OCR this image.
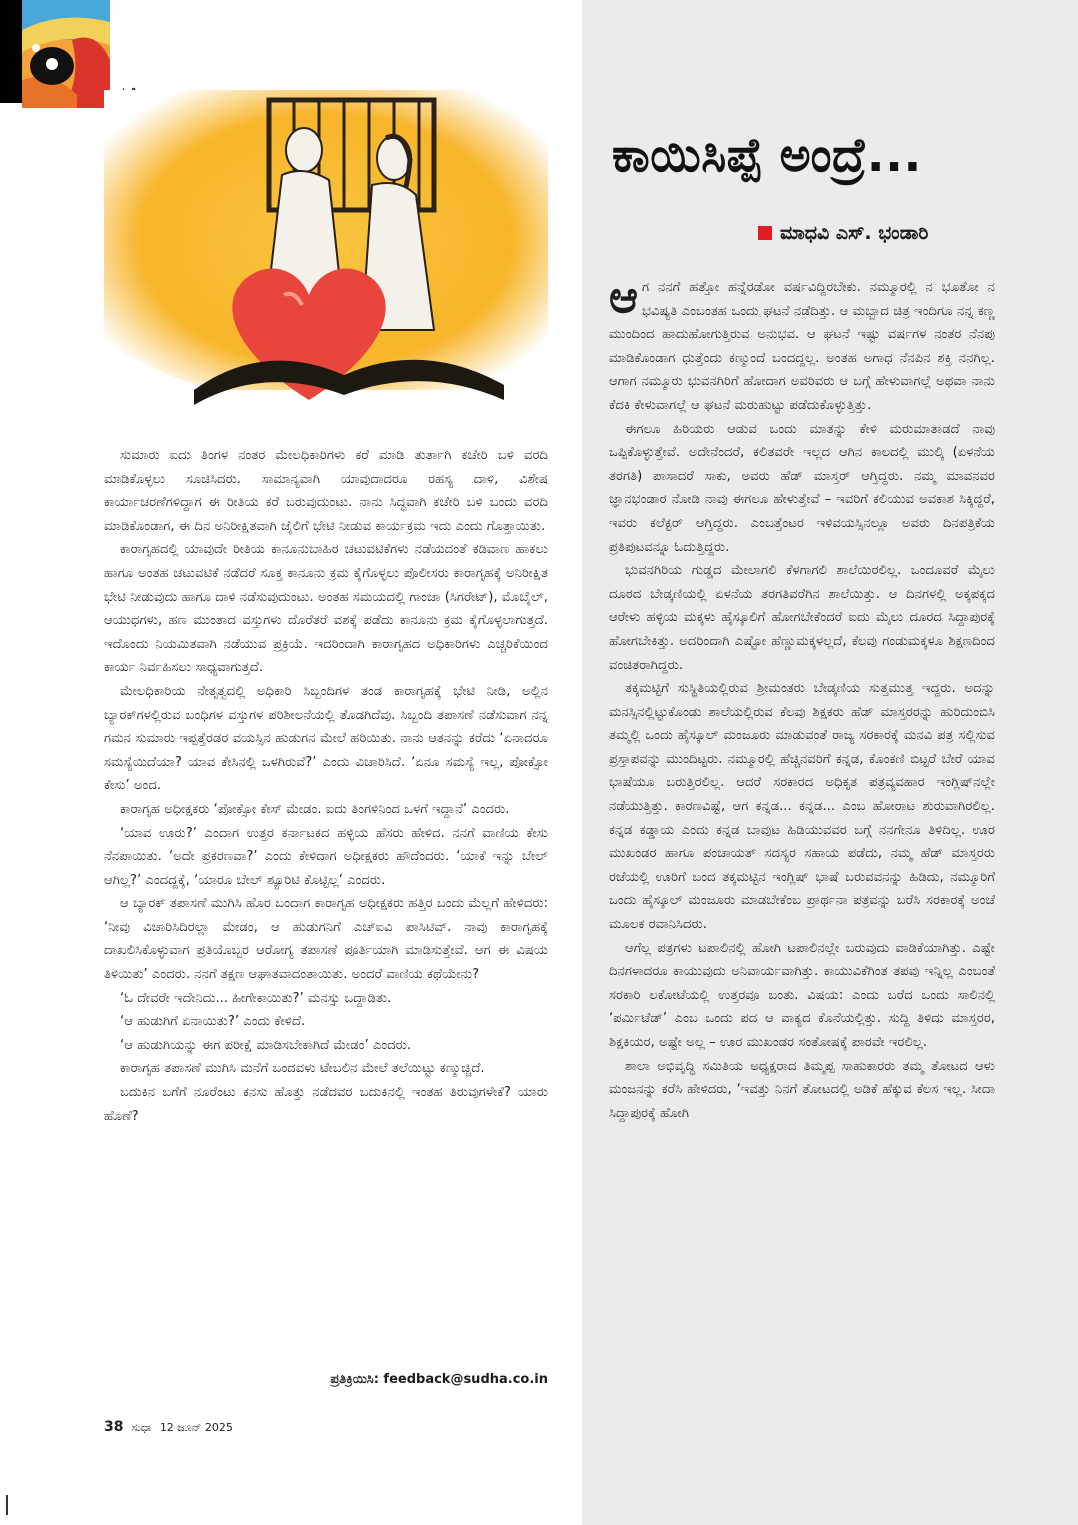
ಸುಮಾರು ಐದು ತಿಂಗಳ ನಂತರ ಮೇಲಧಿಕಾರಿಗಳು ಕರೆ ಮಾಡಿ ತುರ್ತಾಗಿ ಕಚೇರಿ ಬಳಿ ವರದಿ ಮಾಡಿಕೊಳ್ಳಲು ಸೂಚಿಸಿದರು. ಸಾಮಾನ್ಯವಾಗಿ ಯಾವುದಾದರೂ ರಹಸ್ಯ ದಾಳಿ, ವಿಶೇಷ ಕಾರ್ಯಾಚರಣೆಗಳಿದ್ದಾಗ ಈ ರೀತಿಯ ಕರೆ ಬರುವುದುಂಟು. ನಾನು ಸಿದ್ಧವಾಗಿ ಕಚೇರಿ ಬಳಿ ಬಂದು ವರದಿ ಮಾಡಿಕೊಂಡಾಗ, ಈ ದಿನ ಅನಿರೀಕ್ಷಿತವಾಗಿ ಜೈಲಿಗೆ ಭೇಟಿ ನೀಡುವ ಕಾರ್ಯಕ್ರಮ ಇದು ಎಂದು ಗೊತ್ತಾಯಿತು.

ಕಾರಾಗೃಹದಲ್ಲಿ ಯಾವುದೇ ರೀತಿಯ ಕಾನೂನುಬಾಹಿರ ಚಟುವಟಿಕೆಗಳು ನಡೆಯದಂತೆ ಕಡಿವಾಣ ಹಾಕಲು ಹಾಗೂ ಅಂತಹ ಚಟುವಟಿಕೆ ನಡೆದರೆ ಸೂಕ್ತ ಕಾನೂನು ಕ್ರಮ ಕೈಗೊಳ್ಳಲು ಪೊಲೀಸರು ಕಾರಾಗೃಹಕ್ಕೆ ಅನಿರೀಕ್ಷಿತ ಭೇಟಿ ನೀಡುವುದು ಹಾಗೂ ದಾಳಿ ನಡೆಸುವುದುಂಟು. ಅಂತಹ ಸಮಯದಲ್ಲಿ ಗಾಂಜಾ (ಸಿಗರೇಟ್), ಮೊಬೈಲ್, ಆಯುಧಗಳು, ಹಣ ಮುಂತಾದ ವಸ್ತುಗಳು ದೊರೆತರೆ ವಶಕ್ಕೆ ಪಡೆದು ಕಾನೂನು ಕ್ರಮ ಕೈಗೊಳ್ಳಲಾಗುತ್ತದೆ. ಇದೊಂದು ನಿಯಮಿತವಾಗಿ ನಡೆಯುವ ಪ್ರಕ್ರಿಯೆ. ಇದರಿಂದಾಗಿ ಕಾರಾಗೃಹದ ಅಧಿಕಾರಿಗಳು ಎಚ್ಚರಿಕೆಯಿಂದ ಕಾರ್ಯ ನಿರ್ವಹಿಸಲು ಸಾಧ್ಯವಾಗುತ್ತದೆ.

ಮೇಲಧಿಕಾರಿಯ ನೇತೃತ್ವದಲ್ಲಿ ಅಧಿಕಾರಿ ಸಿಬ್ಬಂದಿಗಳ ತಂಡ ಕಾರಾಗೃಹಕ್ಕೆ ಭೇಟಿ ನೀಡಿ, ಅಲ್ಲಿನ ಬ್ಯಾರಕ್‌ಗಳಲ್ಲಿರುವ ಬಂಧಿಗಳ ವಸ್ತುಗಳ ಪರಿಶೀಲನೆಯಲ್ಲಿ ತೊಡಗಿದೆವು. ಸಿಬ್ಬಂದಿ ತಪಾಸಣೆ ನಡೆಸುವಾಗ ನನ್ನ ಗಮನ ಸುಮಾರು ಇಪ್ಪತ್ತೆರಡರ ವಯಸ್ಸಿನ ಹುಡುಗನ ಮೇಲೆ ಹರಿಯಿತು. ನಾನು ಆತನನ್ನು ಕರೆದು ‘ಏನಾದರೂ ಸಮಸ್ಯೆಯಿದೆಯಾ? ಯಾವ ಕೇಸಿನಲ್ಲಿ ಒಳಗಿರುವೆ?’ ಎಂದು ವಿಚಾರಿಸಿದೆ. ‘ಏನೂ ಸಮಸ್ಯೆ ಇಲ್ಲ, ಪೋಕ್ಸೋ ಕೇಸು’ ಅಂದ.

ಕಾರಾಗೃಹ ಅಧೀಕ್ಷಕರು ‘ಪೋಕ್ಸೋ ಕೇಸ್ ಮೇಡಂ. ಐದು ತಿಂಗಳಿನಿಂದ ಒಳಗೆ ಇದ್ದಾನೆ’ ಎಂದರು.

‘ಯಾವ ಊರು?’ ಎಂದಾಗ ಉತ್ತರ ಕರ್ನಾಟಕದ ಹಳ್ಳಿಯ ಹೆಸರು ಹೇಳಿದ. ನನಗೆ ವಾಣಿಯ ಕೇಸು ನೆನಪಾಯಿತು. ‘ಅದೇ ಪ್ರಕರಣವಾ?’ ಎಂದು ಕೇಳಿದಾಗ ಅಧೀಕ್ಷಕರು ಹೌದೆಂದರು. ‘ಯಾಕೆ ಇನ್ನು ಬೇಲ್ ಆಗಿಲ್ಲ?’ ಎಂದದ್ದಕ್ಕೆ, ‘ಯಾರೂ ಬೇಲ್ ಶ್ಯೂರಿಟಿ ಕೊಟ್ಟಿಲ್ಲ’ ಎಂದರು.

ಆ ಬ್ಯಾರಕ್ ತಪಾಸಣೆ ಮುಗಿಸಿ ಹೊರ ಬಂದಾಗ ಕಾರಾಗೃಹ ಅಧೀಕ್ಷಕರು ಹತ್ತಿರ ಬಂದು ಮೆಲ್ಲಗೆ ಹೇಳಿದರು: ‘ನೀವು ವಿಚಾರಿಸಿದಿರಲ್ಲಾ ಮೇಡಂ, ಆ ಹುಡುಗನಿಗೆ ಎಚ್‌ಐವಿ ಪಾಸಿಟಿವ್. ನಾವು ಕಾರಾಗೃಹಕ್ಕೆ ದಾಖಲಿಸಿಕೊಳ್ಳುವಾಗ ಪ್ರತಿಯೊಬ್ಬರ ಆರೋಗ್ಯ ತಪಾಸಣೆ ಪೂರ್ತಿಯಾಗಿ ಮಾಡಿಸುತ್ತೇವೆ. ಆಗ ಈ ವಿಷಯ ತಿಳಿಯಿತು’ ಎಂದರು. ನನಗೆ ತಕ್ಷಣ ಆಘಾತವಾದಂತಾಯಿತು. ಅಂದರೆ ವಾಣಿಯ ಕಥೆಯೇನು?

‘ಓ ದೇವರೇ ಇದೇನಿದು... ಹೀಗೇಕಾಯಿತು?’ ಮನಸ್ಸು ಒದ್ದಾಡಿತು.

‘ಆ ಹುಡುಗಿಗೆ ಏನಾಯಿತು?’ ಎಂದು ಕೇಳಿದೆ.

‘ಆ ಹುಡುಗಿಯನ್ನು ಈಗ ಪರೀಕ್ಷೆ ಮಾಡಿಸಬೇಕಾಗಿದೆ ಮೇಡಂ’ ಎಂದರು.

ಕಾರಾಗೃಹ ತಪಾಸಣೆ ಮುಗಿಸಿ ಮನೆಗೆ ಬಂದವಳು ಟೇಬಲಿನ ಮೇಲೆ ತಲೆಯಿಟ್ಟು ಕಣ್ಮುಚ್ಚಿದೆ.

ಬದುಕಿನ ಬಗೆಗೆ ನೂರೆಂಟು ಕನಸು ಹೊತ್ತು ನಡೆದವರ ಬದುಕಿನಲ್ಲಿ ಇಂತಹ ತಿರುವುಗಳೇಕೆ? ಯಾರು ಹೊಣೆ?

ಪ್ರತಿಕ್ರಿಯಿಸಿ: feedback@sudha.co.in
38 ಸುಧಾ 12 ಜೂನ್ 2025
ಕಾಯಿಸಿಪ್ಪೆ ಅಂದ್ರೆ...
ಮಾಧವಿ ಎಸ್. ಭಂಡಾರಿ

ಆಗ ನನಗೆ ಹತ್ತೋ ಹನ್ನೆರಡೋ ವರ್ಷವಿದ್ದಿರಬೇಕು. ನಮ್ಮೂರಲ್ಲಿ ನ ಭೂತೋ ನ ಭವಿಷ್ಯತಿ ಎಂಬಂತಹ ಒಂದು ಘಟನೆ ನಡೆದಿತ್ತು. ಆ ಮಬ್ಬಾದ ಚಿತ್ರ ಇಂದಿಗೂ ನನ್ನ ಕಣ್ಣ ಮುಂದಿಂದ ಹಾದುಹೋಗುತ್ತಿರುವ ಅನುಭವ. ಆ ಘಟನೆ ಇಷ್ಟು ವರ್ಷಗಳ ನಂತರ ನೆನಪು ಮಾಡಿಕೊಂಡಾಗ ಧುತ್ತೆಂದು ಕಣ್ಮುಂದೆ ಬಂದದ್ದಲ್ಲ. ಅಂತಹ ಅಗಾಧ ನೆನಪಿನ ಶಕ್ತಿ ನನಗಿಲ್ಲ. ಆಗಾಗ ನಮ್ಮೂರು ಭುವನಗಿರಿಗೆ ಹೋದಾಗ ಅವರಿವರು ಆ ಬಗ್ಗೆ ಹೇಳುವಾಗಲ್ಲೆ ಅಥವಾ ನಾನು ಕೆದಕಿ ಕೇಳುವಾಗಲ್ಲೆ ಆ ಘಟನೆ ಮರುಹುಟ್ಟು ಪಡೆದುಕೊಳ್ಳುತ್ತಿತ್ತು.

ಈಗಲೂ ಹಿರಿಯರು ಆಡುವ ಒಂದು ಮಾತನ್ನು ಕೇಳಿ ಮರುಮಾತಾಡದೆ ನಾವು ಒಪ್ಪಿಕೊಳ್ಳುತ್ತೇವೆ. ಅದೇನೆಂದರೆ, ಕಲಿತವರೇ ಇಲ್ಲದ ಆಗಿನ ಕಾಲದಲ್ಲಿ ಮುಲ್ಕಿ (ಏಳನೆಯ ತರಗತಿ) ಪಾಸಾದರೆ ಸಾಕು, ಅವರು ಹೆಡ್ ಮಾಸ್ತರ್ ಆಗ್ತಿದ್ದರು. ನಮ್ಮ ಮಾವನವರ ಜ್ಞಾನಭಂಡಾರ ನೋಡಿ ನಾವು ಈಗಲೂ ಹೇಳುತ್ತೇವೆ – ಇವರಿಗೆ ಕಲಿಯುವ ಅವಕಾಶ ಸಿಕ್ಕಿದ್ದರೆ, ಇವರು ಕಲೆಕ್ಟರ್ ಆಗ್ತಿದ್ದರು. ಎಂಬತ್ತೆಂಟರ ಇಳಿವಯಸ್ಸಿನಲ್ಲೂ ಅವರು ದಿನಪತ್ರಿಕೆಯ ಪ್ರತಿಪುಟವನ್ನೂ ಓದುತ್ತಿದ್ದರು.

ಭುವನಗಿರಿಯ ಗುಡ್ಡದ ಮೇಲಾಗಲಿ ಕೆಳಗಾಗಲಿ ಶಾಲೆಯಿರಲಿಲ್ಲ. ಒಂದೂವರೆ ಮೈಲು ದೂರದ ಬೇಡ್ಕಣಿಯಲ್ಲಿ ಏಳನೆಯ ತರಗತಿವರೆಗಿನ ಶಾಲೆಯಿತ್ತು. ಆ ದಿನಗಳಲ್ಲಿ ಅಕ್ಕಪಕ್ಕದ ಆರೇಳು ಹಳ್ಳಿಯ ಮಕ್ಕಳು ಹೈಸ್ಕೂಲಿಗೆ ಹೋಗಬೇಕೆಂದರೆ ಐದು ಮೈಲು ದೂರದ ಸಿದ್ದಾಪುರಕ್ಕೆ ಹೋಗಬೇಕಿತ್ತು. ಅದರಿಂದಾಗಿ ಎಷ್ಟೋ ಹೆಣ್ಣುಮಕ್ಕಳಲ್ಲದೆ, ಕೆಲವು ಗಂಡುಮಕ್ಕಳೂ ಶಿಕ್ಷಣದಿಂದ ವಂಚಿತರಾಗಿದ್ದರು.

ತಕ್ಕಮಟ್ಟಿಗೆ ಸುಸ್ಥಿತಿಯಲ್ಲಿರುವ ಶ್ರೀಮಂತರು ಬೇಡ್ಕಣಿಯ ಸುತ್ತಮುತ್ತ ಇದ್ದರು. ಅದನ್ನು ಮನಸ್ಸಿನಲ್ಲಿಟ್ಟುಕೊಂಡು ಶಾಲೆಯಲ್ಲಿರುವ ಕೆಲವು ಶಿಕ್ಷಕರು ಹೆಡ್ ಮಾಸ್ತರರನ್ನು ಹುರಿದುಂಬಿಸಿ ತಮ್ಮಲ್ಲಿ ಒಂದು ಹೈಸ್ಕೂಲ್ ಮಂಜೂರು ಮಾಡುವಂತೆ ರಾಜ್ಯ ಸರಕಾರಕ್ಕೆ ಮನವಿ ಪತ್ರ ಸಲ್ಲಿಸುವ ಪ್ರಸ್ತಾಪವನ್ನು ಮುಂದಿಟ್ಟರು. ನಮ್ಮೂರಲ್ಲಿ ಹೆಚ್ಚಿನವರಿಗೆ ಕನ್ನಡ, ಕೊಂಕಣಿ ಬಿಟ್ಟರೆ ಬೇರೆ ಯಾವ ಭಾಷೆಯೂ ಬರುತ್ತಿರಲಿಲ್ಲ. ಆದರೆ ಸರಕಾರದ ಅಧಿಕೃತ ಪತ್ರವ್ಯವಹಾರ ಇಂಗ್ಲಿಷ್‌ನಲ್ಲೇ ನಡೆಯುತ್ತಿತ್ತು. ಕಾರಣವಿಷ್ಟೆ, ಆಗ ಕನ್ನಡ... ಕನ್ನಡ... ಎಂಬ ಹೋರಾಟ ಶುರುವಾಗಿರಲಿಲ್ಲ. ಕನ್ನಡ ಕಡ್ಡಾಯ ಎಂದು ಕನ್ನಡ ಬಾವುಟ ಹಿಡಿಯುವವರ ಬಗ್ಗೆ ನನಗೇನೂ ತಿಳಿದಿಲ್ಲ. ಊರ ಮುಖಂಡರ ಹಾಗೂ ಪಂಚಾಯತ್ ಸದಸ್ಯರ ಸಹಾಯ ಪಡೆದು, ನಮ್ಮ ಹೆಡ್ ಮಾಸ್ತರರು ರಜೆಯಲ್ಲಿ ಊರಿಗೆ ಬಂದ ತಕ್ಕಮಟ್ಟಿನ ಇಂಗ್ಲಿಷ್ ಭಾಷೆ ಬರುವವನನ್ನು ಹಿಡಿದು, ನಮ್ಮೂರಿಗೆ ಒಂದು ಹೈಸ್ಕೂಲ್ ಮಂಜೂರು ಮಾಡಬೇಕೆಂಬ ಪ್ರಾರ್ಥನಾ ಪತ್ರವನ್ನು ಬರೆಸಿ ಸರಕಾರಕ್ಕೆ ಅಂಚೆ ಮೂಲಕ ರವಾನಿಸಿದರು.

ಆಗೆಲ್ಲ ಪತ್ರಗಳು ಟಪಾಲಿನಲ್ಲಿ ಹೋಗಿ ಟಪಾಲಿನಲ್ಲೇ ಬರುವುದು ವಾಡಿಕೆಯಾಗಿತ್ತು. ಎಷ್ಟೇ ದಿನಗಳಾದರೂ ಕಾಯುವುದು ಅನಿವಾರ್ಯವಾಗಿತ್ತು. ಕಾಯುವಿಕೆಗಿಂತ ತಪವು ಇನ್ನಿಲ್ಲ ಎಂಬಂತೆ ಸರಕಾರಿ ಲಕೋಟೆಯಲ್ಲಿ ಉತ್ತರವೂ ಬಂತು. ವಿಷಯ: ಎಂದು ಬರೆದ ಒಂದು ಸಾಲಿನಲ್ಲಿ ‘ಪರ್ಮಿಟೆಡ್’ ಎಂಬ ಒಂದು ಪದ ಆ ವಾಕ್ಯದ ಕೊನೆಯಲ್ಲಿತ್ತು. ಸುದ್ದಿ ತಿಳಿದು ಮಾಸ್ತರರ, ಶಿಕ್ಷಕಿಯರ, ಅಷ್ಟೇ ಅಲ್ಲ – ಊರ ಮುಖಂಡರ ಸಂತೋಷಕ್ಕೆ ಪಾರವೇ ಇರಲಿಲ್ಲ.

ಶಾಲಾ ಅಭಿವೃದ್ಧಿ ಸಮಿತಿಯ ಅಧ್ಯಕ್ಷರಾದ ತಿಮ್ಮಪ್ಪ ಸಾಹುಕಾರರು ತಮ್ಮ ತೋಟದ ಆಳು ಮಂಜನನ್ನು ಕರೆಸಿ ಹೇಳಿದರು, ‘ಇವತ್ತು ನಿನಗೆ ತೋಟದಲ್ಲಿ ಅಡಿಕೆ ಹೆಕ್ಕುವ ಕೆಲಸ ಇಲ್ಲ. ಸೀದಾ ಸಿದ್ದಾಪುರಕ್ಕೆ ಹೋಗಿ
